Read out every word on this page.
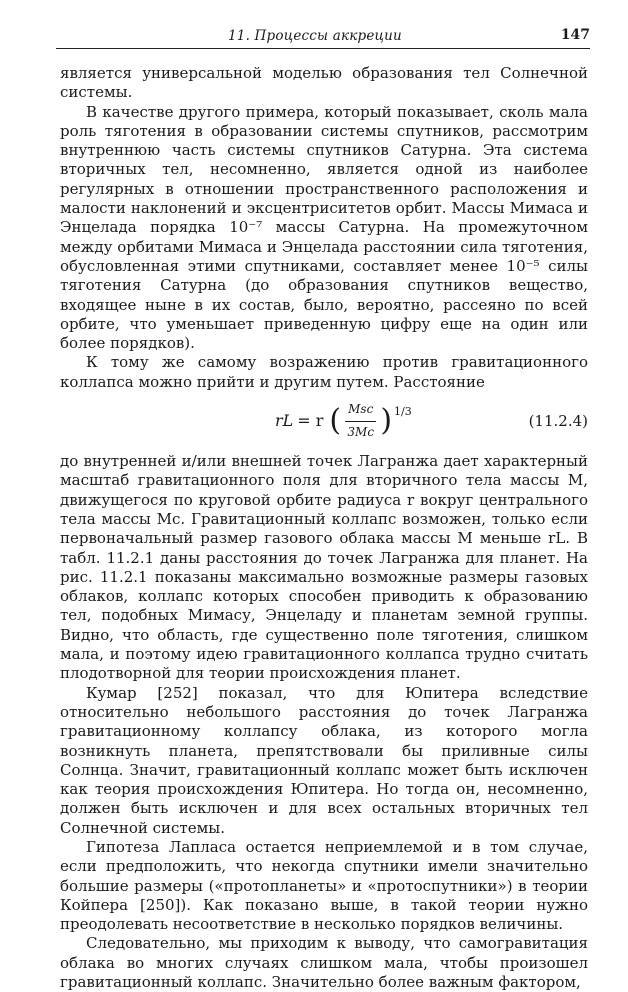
11. Процессы аккреции	147

является универсальной моделью образования тел Солнечной системы.

В качестве другого примера, который показывает, сколь мала роль тяготения в образовании системы спутников, рассмотрим внутреннюю часть системы спутников Сатурна. Эта система вторичных тел, несомненно, является одной из наиболее регулярных в отношении пространственного расположения и малости наклонений и эксцентриситетов орбит. Массы Мимаса и Энцелада порядка 10⁻⁷ массы Сатурна. На промежуточном между орбитами Мимаса и Энцелада расстоянии сила тяготения, обусловленная этими спутниками, составляет менее 10⁻⁵ силы тяготения Сатурна (до образования спутников вещество, входящее ныне в их состав, было, вероятно, рассеяно по всей орбите, что уменьшает приведенную цифру еще на один или более порядков).

К тому же самому возражению против гравитационного коллапса можно прийти и другим путем. Расстояние

rL = r ( $\frac{\text{Msc}}{3Mc}$ ) 1/3
(11.2.4)

до внутренней и/или внешней точек Лагранжа дает характерный масштаб гравитационного поля для вторичного тела массы M, движущегося по круговой орбите радиуса r вокруг центрального тела массы Mc. Гравитационный коллапс возможен, только если первоначальный размер газового облака массы M меньше rL. В табл. 11.2.1 даны расстояния до точек Лагранжа для планет. На рис. 11.2.1 показаны максимально возможные размеры газовых облаков, коллапс которых способен приводить к образованию тел, подобных Мимасу, Энцеладу и планетам земной группы. Видно, что область, где существенно поле тяготения, слишком мала, и поэтому идею гравитационного коллапса трудно считать плодотворной для теории происхождения планет.

Кумар [252] показал, что для Юпитера вследствие относительно небольшого расстояния до точек Лагранжа гравитационному коллапсу облака, из которого могла возникнуть планета, препятствовали бы приливные силы Солнца. Значит, гравитационный коллапс может быть исключен как теория происхождения Юпитера. Но тогда он, несомненно, должен быть исключен и для всех остальных вторичных тел Солнечной системы.

Гипотеза Лапласа остается неприемлемой и в том случае, если предположить, что некогда спутники имели значительно большие размеры («протопланеты» и «протоспутники») в теории Койпера [250]). Как показано выше, в такой теории нужно преодолевать несоответствие в несколько порядков величины.

Следовательно, мы приходим к выводу, что самогравитация облака во многих случаях слишком мала, чтобы произошел гравитационный коллапс. Значительно более важным фактором,
